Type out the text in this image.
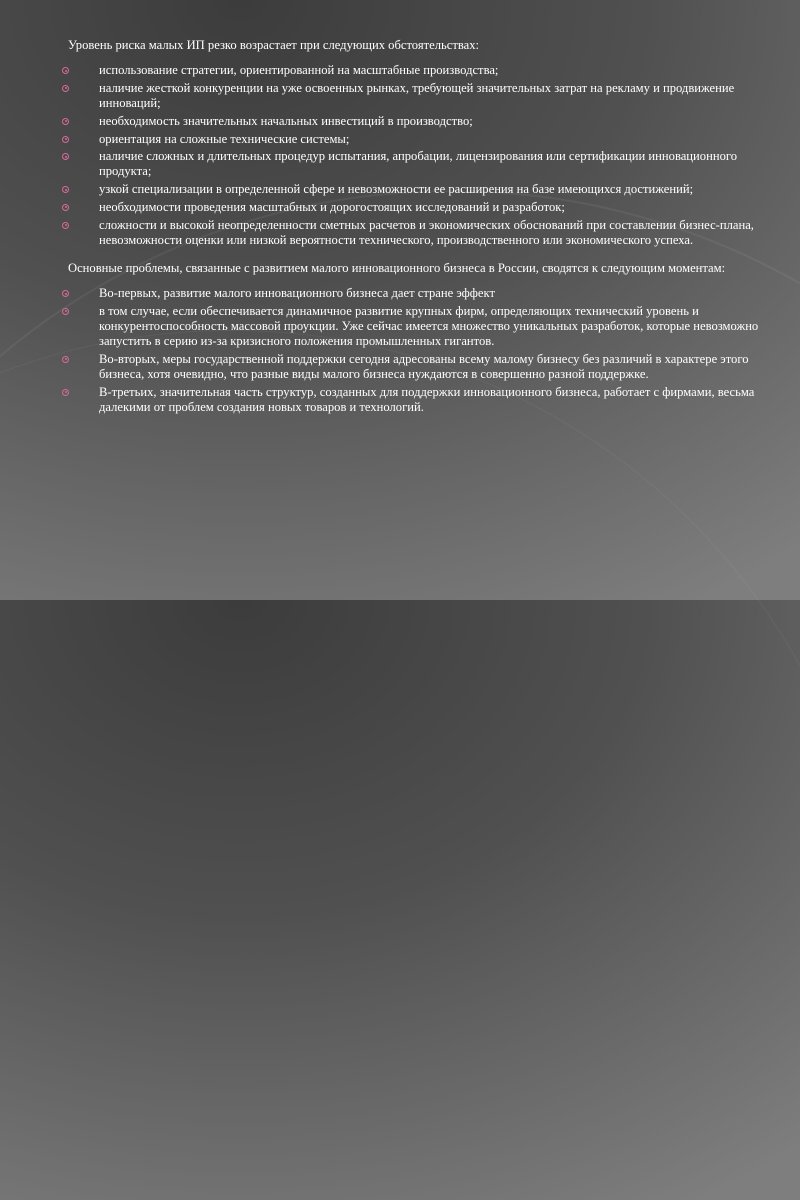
Уровень риска малых ИП резко возрастает при следующих обстоятельствах:

использование стратегии, ориентированной на масштабные производства;
наличие жесткой конкуренции на уже освоенных рынках, требующей значительных затрат на рекламу и продвижение инноваций;
необходимость значительных начальных инвестиций в производство;
ориентация на сложные технические системы;
наличие сложных и длительных процедур испытания, апробации, лицензирования или сертификации инновационного продукта;
узкой специализации в определенной сфере и невозможности ее расширения на базе имеющихся достижений;
необходимости проведения масштабных и дорогостоящих исследований и разработок;
сложности и высокой неопределенности сметных расчетов и экономических обоснований при составлении бизнес-плана, невозможности оценки или низкой вероятности технического, производственного или экономического успеха.

Основные проблемы, связанные с развитием малого инновационного бизнеса в России, сводятся к следующим моментам:

Во-первых, развитие малого инновационного бизнеса дает стране эффект
в том случае, если обеспечивается динамичное развитие крупных фирм, определяющих технический уровень и конкурентоспособность массовой проукции. Уже сейчас имеется множество уникальных разработок, которые невозможно запустить в серию из-за кризисного положения промышленных гигантов.
Во-вторых, меры государственной поддержки сегодня адресованы всему малому бизнесу без различий в характере этого бизнеса, хотя очевидно, что разные виды малого бизнеса нуждаются в совершенно разной поддержке.
В-третьих, значительная часть структур, созданных для поддержки инновационного бизнеса, работает с фирмами, весьма далекими от проблем создания новых товаров и технологий.
